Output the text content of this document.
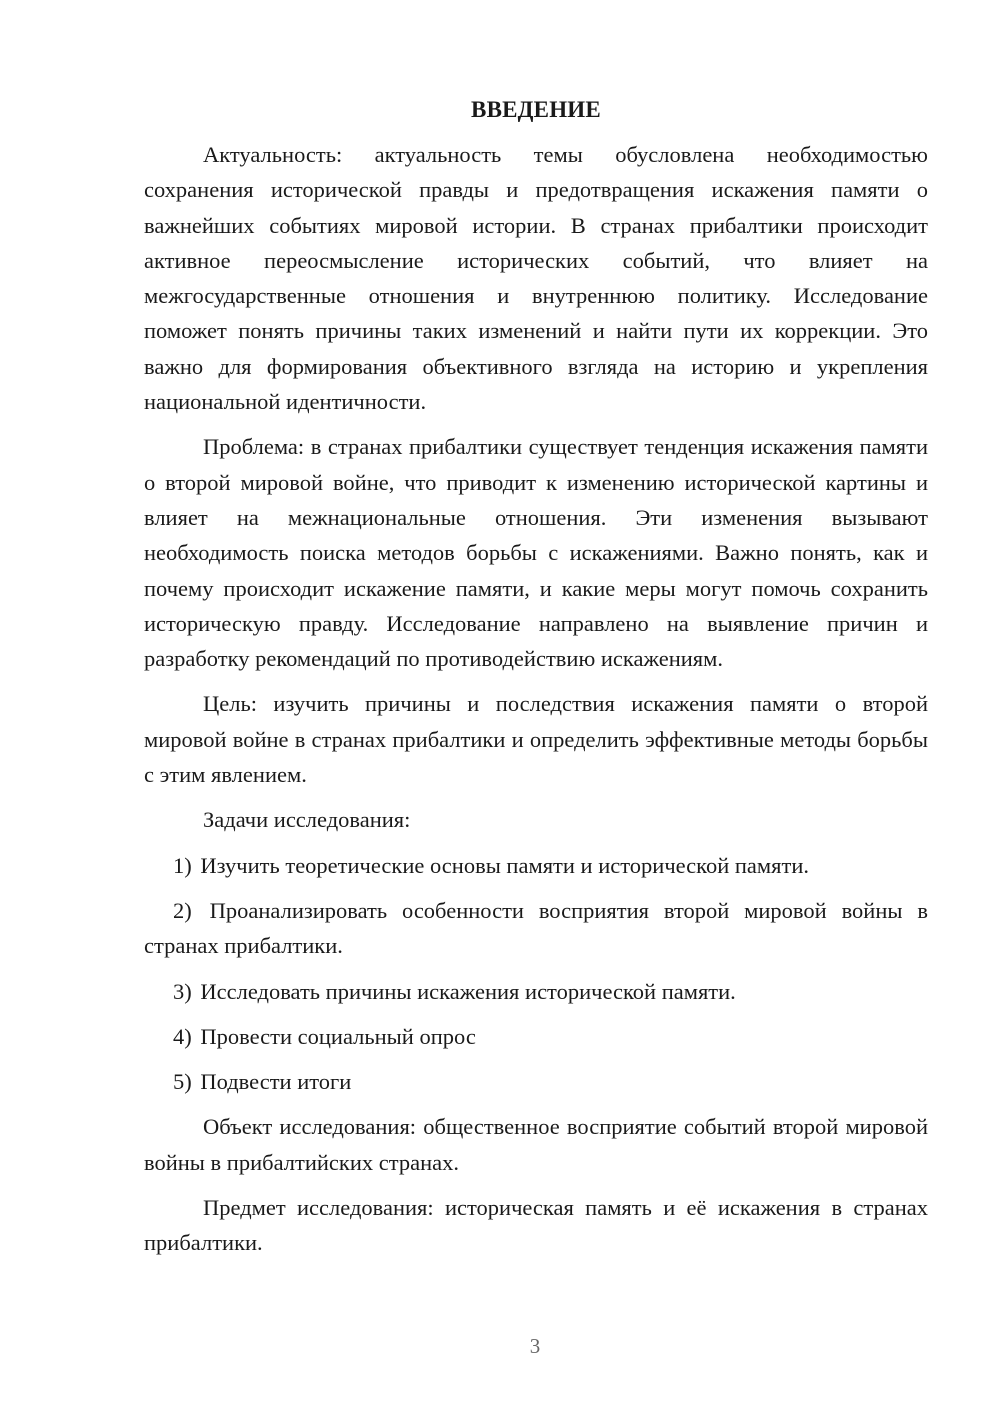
ВВЕДЕНИЕ

Актуальность: актуальность темы обусловлена необходимостью сохранения исторической правды и предотвращения искажения памяти о важнейших событиях мировой истории. В странах прибалтики происходит активное переосмысление исторических событий, что влияет на межгосударственные отношения и внутреннюю политику. Исследование поможет понять причины таких изменений и найти пути их коррекции. Это важно для формирования объективного взгляда на историю и укрепления национальной идентичности.

Проблема: в странах прибалтики существует тенденция искажения памяти о второй мировой войне, что приводит к изменению исторической картины и влияет на межнациональные отношения. Эти изменения вызывают необходимость поиска методов борьбы с искажениями. Важно понять, как и почему происходит искажение памяти, и какие меры могут помочь сохранить историческую правду. Исследование направлено на выявление причин и разработку рекомендаций по противодействию искажениям.

Цель: изучить причины и последствия искажения памяти о второй мировой войне в странах прибалтики и определить эффективные методы борьбы с этим явлением.

Задачи исследования:

1) Изучить теоретические основы памяти и исторической памяти.

2) Проанализировать особенности восприятия второй мировой войны в странах прибалтики.

3) Исследовать причины искажения исторической памяти.

4) Провести социальный опрос

5) Подвести итоги

Объект исследования: общественное восприятие событий второй мировой войны в прибалтийских странах.

Предмет исследования: историческая память и её искажения в странах прибалтики.

3
